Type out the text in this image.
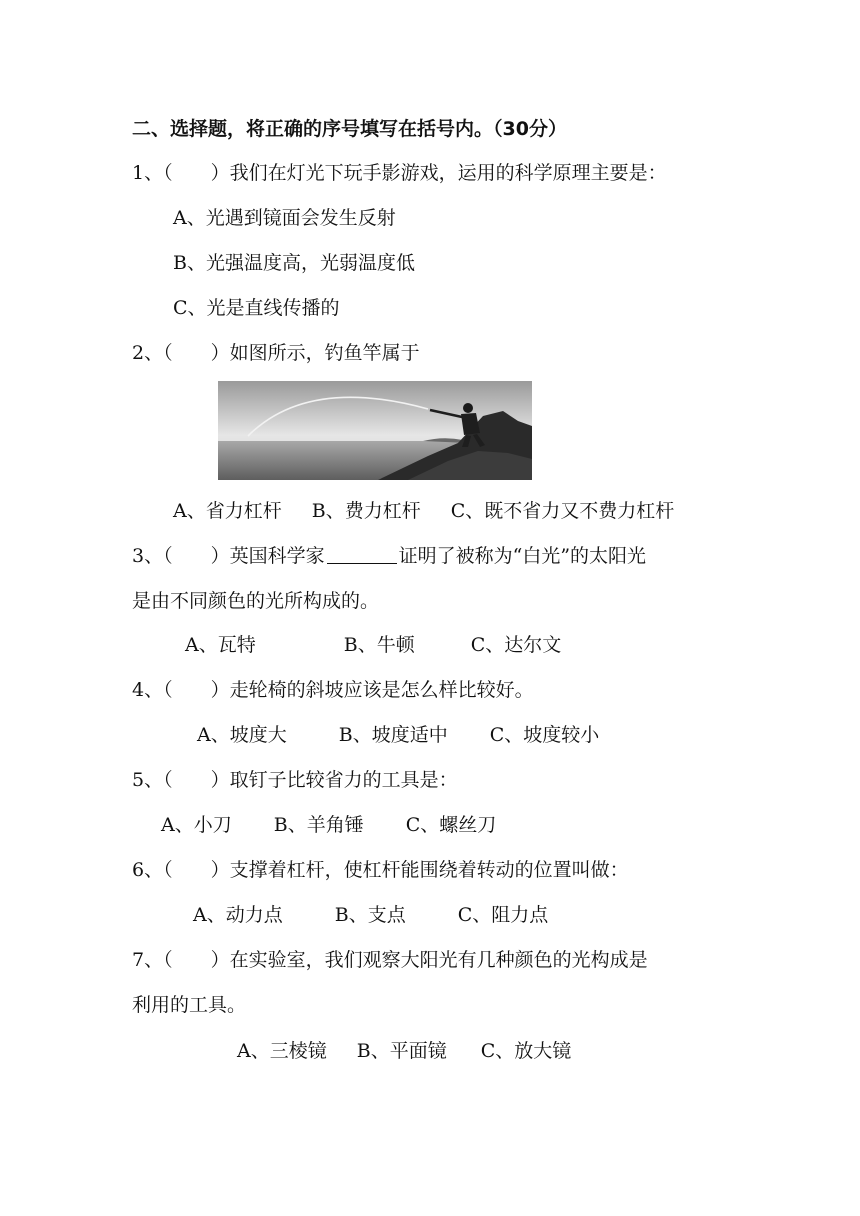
二、选择题，将正确的序号填写在括号内。（30分）
1、（　　）我们在灯光下玩手影游戏，运用的科学原理主要是：
A、光遇到镜面会发生反射
B、光强温度高，光弱温度低
C、光是直线传播的
2、（　　）如图所示，钓鱼竿属于
A、省力杠杆 B、费力杠杆 C、既不省力又不费力杠杆
3、（　　）英国科学家	证明了被称为“白光”的太阳光
是由不同颜色的光所构成的。
A、瓦特	B、牛顿	C、达尔文
4、（　　）走轮椅的斜坡应该是怎么样比较好。
A、坡度大	B、坡度适中 C、坡度较小
5、（　　）取钉子比较省力的工具是：
A、小刀 B、羊角锤 C、螺丝刀
6、（　　）支撑着杠杆，使杠杆能围绕着转动的位置叫做：
A、动力点	B、支点	C、阻力点
7、（　　）在实验室，我们观察大阳光有几种颜色的光构成是
利用的工具。
A、三棱镜 B、平面镜 C、放大镜
